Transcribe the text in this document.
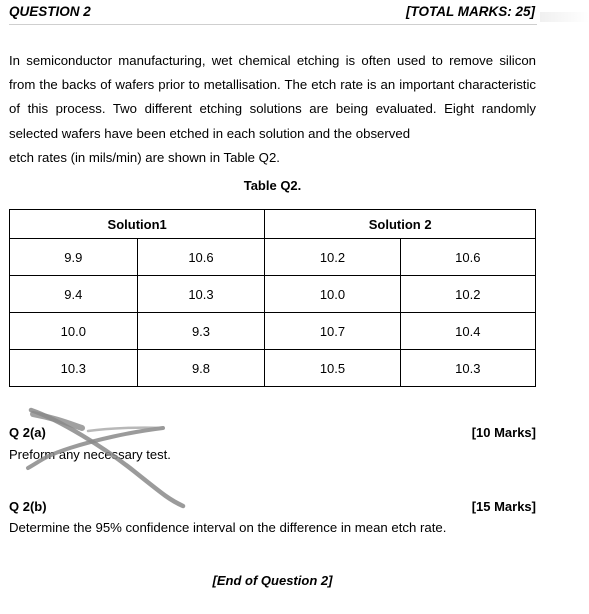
QUESTION 2	[TOTAL MARKS: 25]

In semiconductor manufacturing, wet chemical etching is often used to remove silicon from the backs of wafers prior to metallisation. The etch rate is an important characteristic of this process. Two different etching solutions are being evaluated. Eight randomly selected wafers have been etched in each solution and the observed
etch rates (in mils/min) are shown in Table Q2.

Table Q2.
Solution1		Solution 2	
9.9	10.6	10.2	10.6
9.4	10.3	10.0	10.2
10.0	9.3	10.7	10.4
10.3	9.8	10.5	10.3
Q 2(a)	[10 Marks]
Preform any necessary test.
Q 2(b)	[15 Marks]
Determine the 95% confidence interval on the difference in mean etch rate.
[End of Question 2]
